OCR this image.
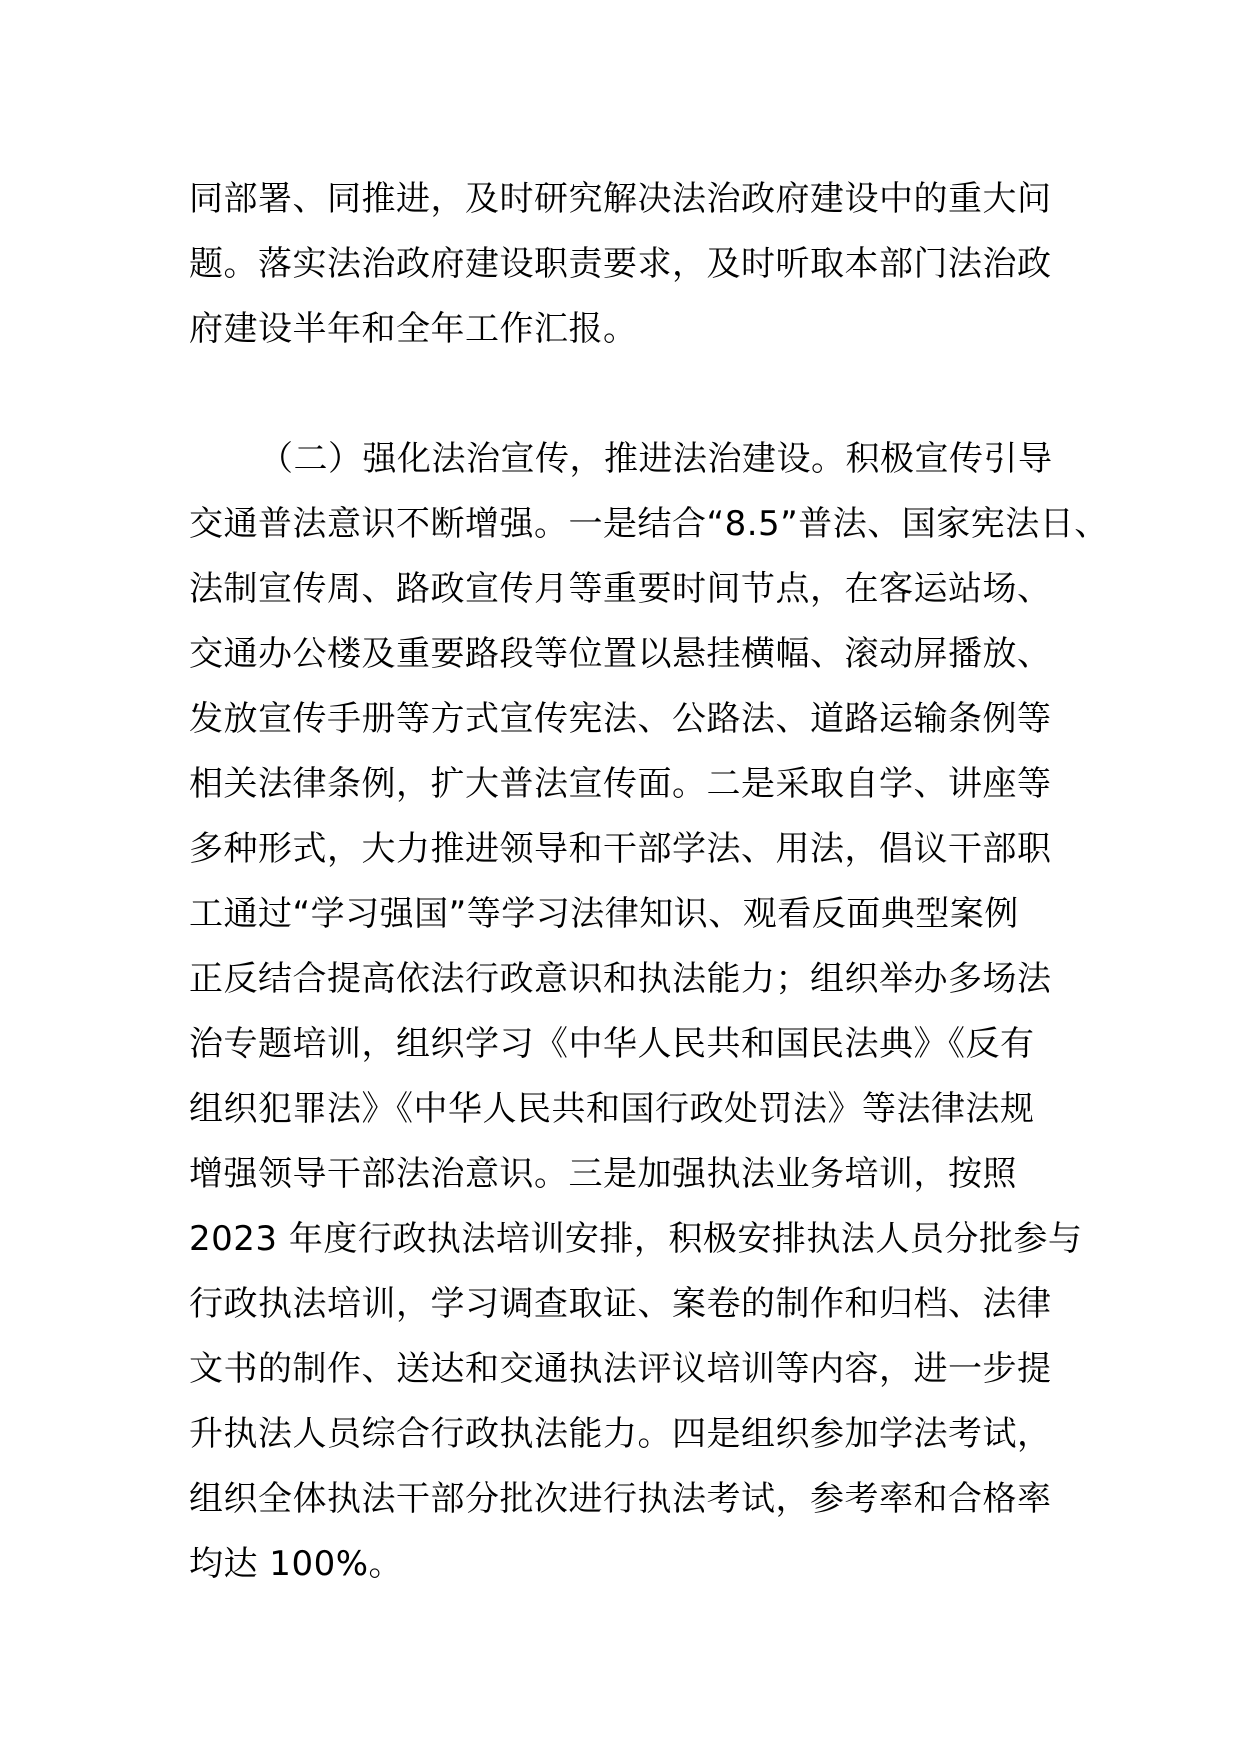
同部署、同推进，及时研究解决法治政府建设中的重大问
题。落实法治政府建设职责要求，及时听取本部门法治政
府建设半年和全年工作汇报。
（二）强化法治宣传，推进法治建设。积极宣传引导
交通普法意识不断增强。一是结合“8.5”普法、国家宪法日、
法制宣传周、路政宣传月等重要时间节点，在客运站场、
交通办公楼及重要路段等位置以悬挂横幅、滚动屏播放、
发放宣传手册等方式宣传宪法、公路法、道路运输条例等
相关法律条例，扩大普法宣传面。二是采取自学、讲座等
多种形式，大力推进领导和干部学法、用法，倡议干部职
工通过“学习强国”等学习法律知识、观看反面典型案例
正反结合提高依法行政意识和执法能力；组织举办多场法
治专题培训，组织学习《中华人民共和国民法典》《反有
组织犯罪法》《中华人民共和国行政处罚法》等法律法规
增强领导干部法治意识。三是加强执法业务培训，按照
2023 年度行政执法培训安排，积极安排执法人员分批参与
行政执法培训，学习调查取证、案卷的制作和归档、法律
文书的制作、送达和交通执法评议培训等内容，进一步提
升执法人员综合行政执法能力。四是组织参加学法考试，
组织全体执法干部分批次进行执法考试，参考率和合格率
均达 100%。
